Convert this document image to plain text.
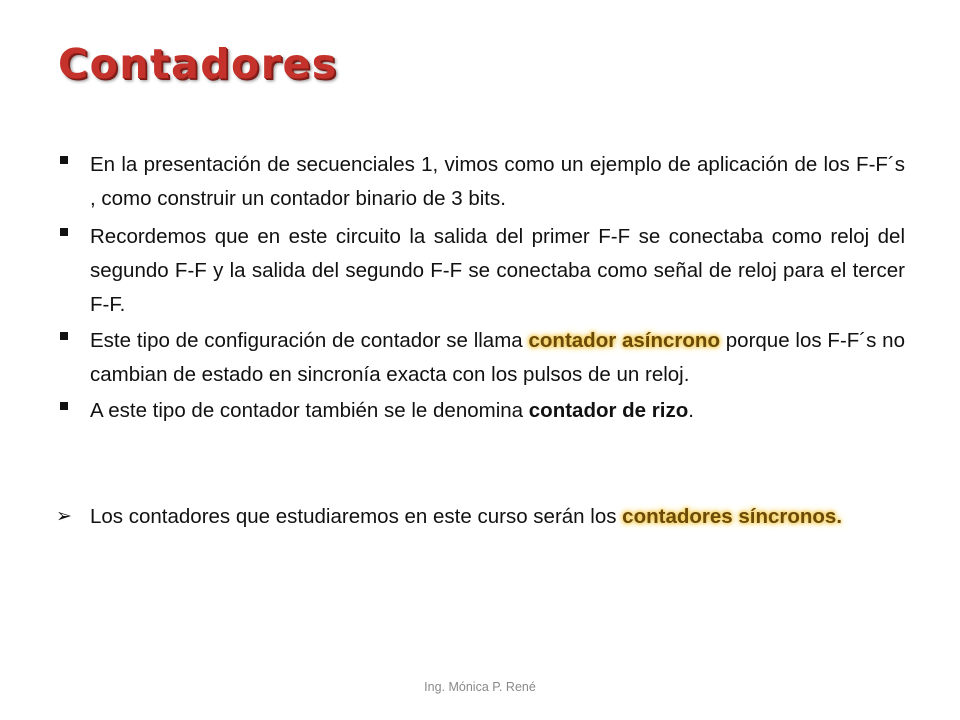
Contadores
En la presentación de secuenciales 1, vimos como un ejemplo de aplicación de los F-F´s , como construir un contador binario de 3 bits.
Recordemos que en este circuito la salida del primer F-F se conectaba como reloj del segundo F-F y la salida del segundo F-F se conectaba como señal de reloj para el tercer F-F.
Este tipo de configuración de contador se llama contador asíncrono porque los F-F´s no cambian de estado en sincronía exacta con los pulsos de un reloj.
A este tipo de contador también se le denomina contador de rizo.
➢ Los contadores que estudiaremos en este curso serán los contadores síncronos.
Ing. Mónica P. René
